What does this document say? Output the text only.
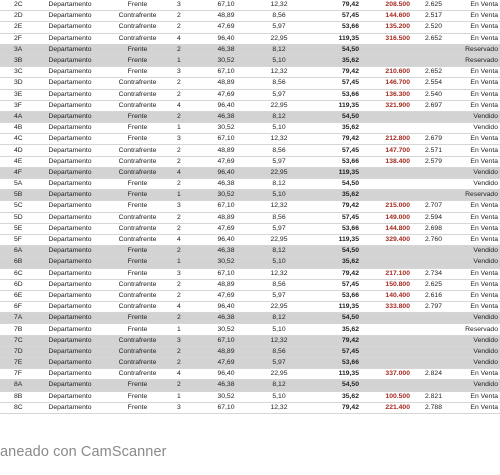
2C	Departamento	Frente	3	67,10	12,32	79,42	208.500	2.625	En Venta
2D	Departamento	Contrafrente	2	48,89	8,56	57,45	144.600	2.517	En Venta
2E	Departamento	Contrafrente	2	47,69	5,97	53,66	135.200	2.520	En Venta
2F	Departamento	Contrafrente	4	96,40	22,95	119,35	316.500	2.652	En Venta
3A	Departamento	Frente	2	46,38	8,12	54,50			Reservado
3B	Departamento	Frente	1	30,52	5,10	35,62			Reservado
3C	Departamento	Frente	3	67,10	12,32	79,42	210.600	2.652	En Venta
3D	Departamento	Contrafrente	2	48,89	8,56	57,45	146.700	2.554	En Venta
3E	Departamento	Contrafrente	2	47,69	5,97	53,66	136.300	2.540	En Venta
3F	Departamento	Contrafrente	4	96,40	22,95	119,35	321.900	2.697	En Venta
4A	Departamento	Frente	2	46,38	8,12	54,50			Vendido
4B	Departamento	Frente	1	30,52	5,10	35,62			Vendido
4C	Departamento	Frente	3	67,10	12,32	79,42	212.800	2.679	En Venta
4D	Departamento	Contrafrente	2	48,89	8,56	57,45	147.700	2.571	En Venta
4E	Departamento	Contrafrente	2	47,69	5,97	53,66	138.400	2.579	En Venta
4F	Departamento	Contrafrente	4	96,40	22,95	119,35			Vendido
5A	Departamento	Frente	2	46,38	8,12	54,50			Vendido
5B	Departamento	Frente	1	30,52	5,10	35,62			Reservado
5C	Departamento	Frente	3	67,10	12,32	79,42	215.000	2.707	En Venta
5D	Departamento	Contrafrente	2	48,89	8,56	57,45	149.000	2.594	En Venta
5E	Departamento	Contrafrente	2	47,69	5,97	53,66	144.800	2.698	En Venta
5F	Departamento	Contrafrente	4	96,40	22,95	119,35	329.400	2.760	En Venta
6A	Departamento	Frente	2	46,38	8,12	54,50			Vendido
6B	Departamento	Frente	1	30,52	5,10	35,62			Vendido
6C	Departamento	Frente	3	67,10	12,32	79,42	217.100	2.734	En Venta
6D	Departamento	Contrafrente	2	48,89	8,56	57,45	150.800	2.625	En Venta
6E	Departamento	Contrafrente	2	47,69	5,97	53,66	140.400	2.616	En Venta
6F	Departamento	Contrafrente	4	96,40	22,95	119,35	333.800	2.797	En Venta
7A	Departamento	Frente	2	46,38	8,12	54,50			Vendido
7B	Departamento	Frente	1	30,52	5,10	35,62			Reservado
7C	Departamento	Contrafrente	3	67,10	12,32	79,42			Vendido
7D	Departamento	Contrafrente	2	48,89	8,56	57,45			Vendido
7E	Departamento	Contrafrente	2	47,69	5,97	53,66			Vendido
7F	Departamento	Contrafrente	4	96,40	22,95	119,35	337.000	2.824	En Venta
8A	Departamento	Frente	2	46,38	8,12	54,50			Vendido
8B	Departamento	Frente	1	30,52	5,10	35,62	100.500	2.821	En Venta
8C	Departamento	Frente	3	67,10	12,32	79,42	221.400	2.788	En Venta
aneado con CamScanner
